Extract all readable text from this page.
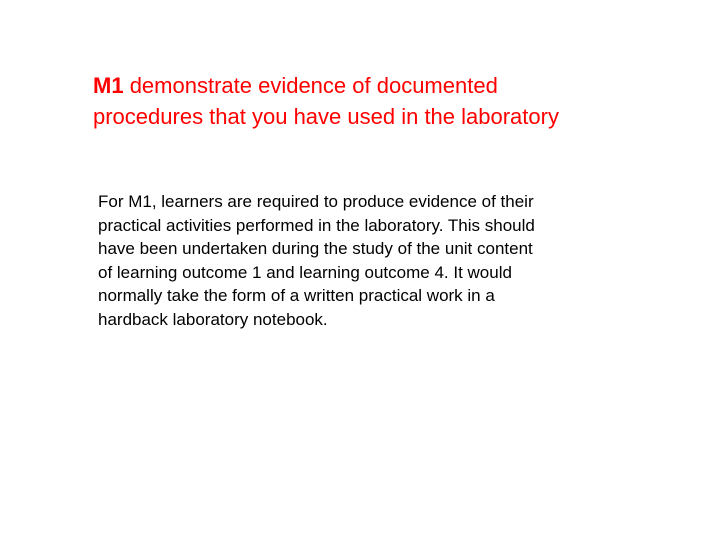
M1 demonstrate evidence of documented
procedures that you have used in the laboratory

For M1, learners are required to produce evidence of their
practical activities performed in the laboratory. This should
have been undertaken during the study of the unit content
of learning outcome 1 and learning outcome 4. It would
normally take the form of a written practical work in a
hardback laboratory notebook.
